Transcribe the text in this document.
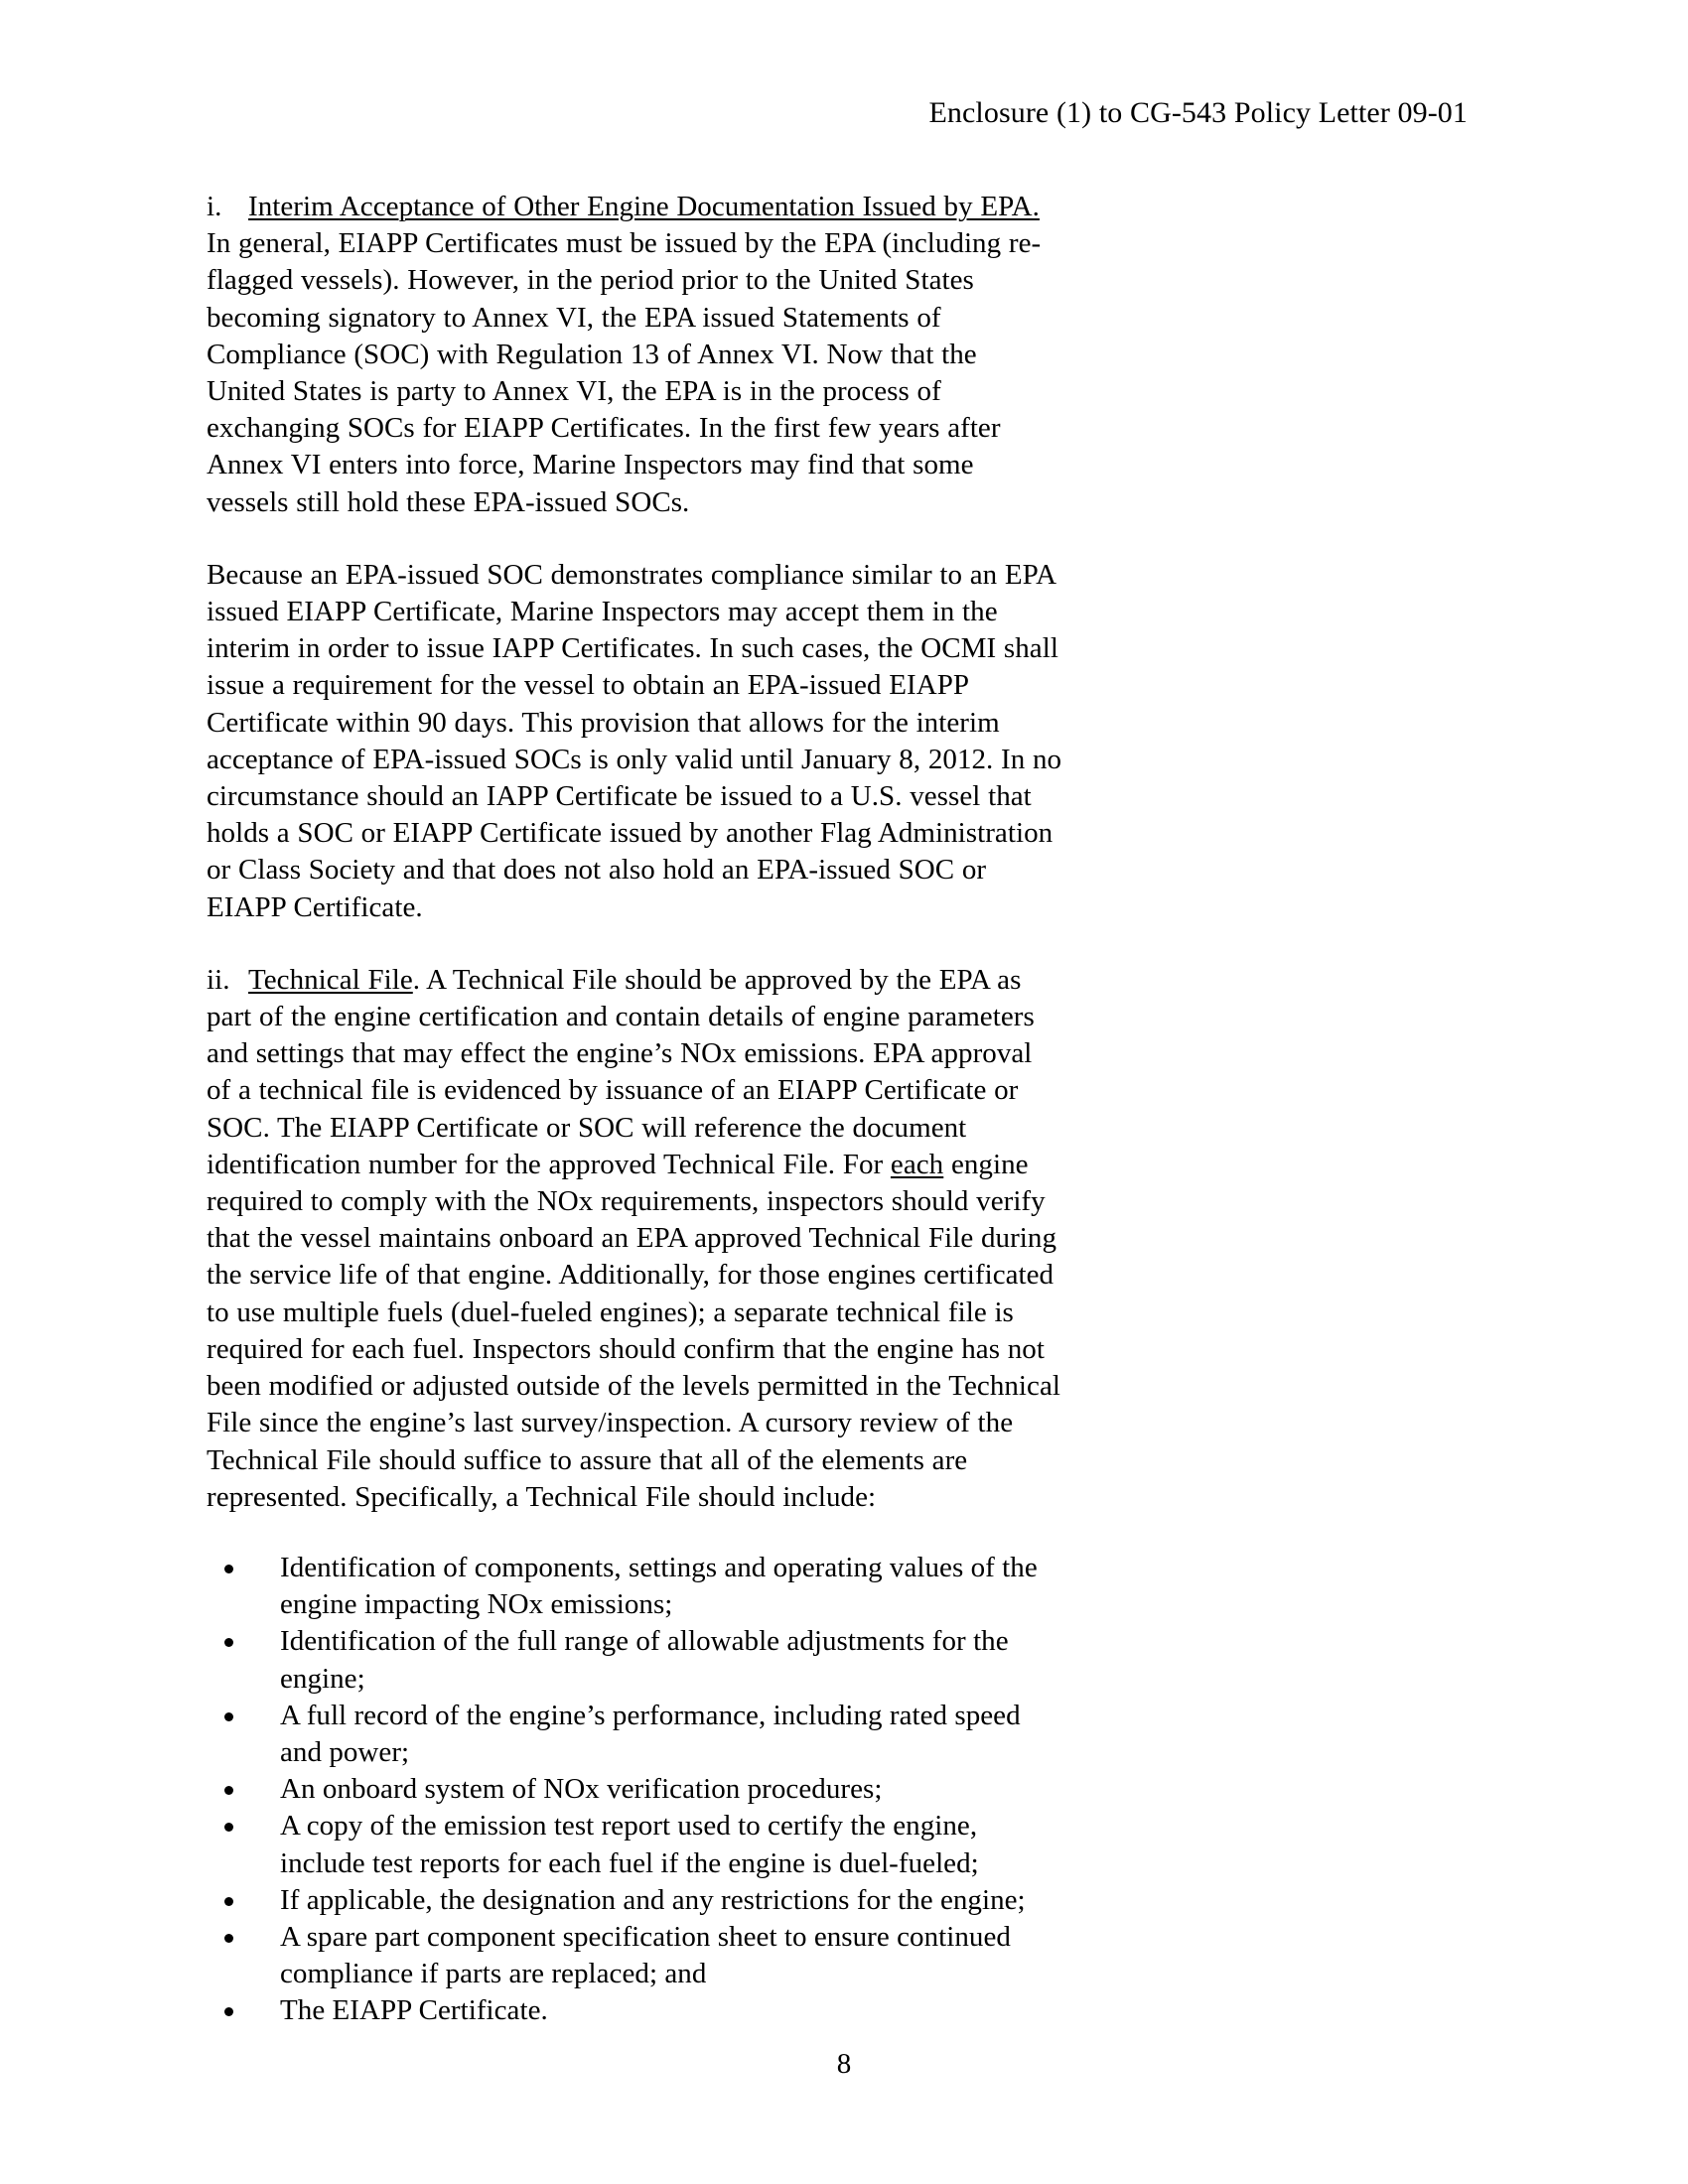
Enclosure (1) to CG-543 Policy Letter 09-01

i. Interim Acceptance of Other Engine Documentation Issued by EPA. In general, EIAPP Certificates must be issued by the EPA (including re-flagged vessels). However, in the period prior to the United States becoming signatory to Annex VI, the EPA issued Statements of Compliance (SOC) with Regulation 13 of Annex VI. Now that the United States is party to Annex VI, the EPA is in the process of exchanging SOCs for EIAPP Certificates. In the first few years after Annex VI enters into force, Marine Inspectors may find that some vessels still hold these EPA-issued SOCs.

Because an EPA-issued SOC demonstrates compliance similar to an EPA issued EIAPP Certificate, Marine Inspectors may accept them in the interim in order to issue IAPP Certificates. In such cases, the OCMI shall issue a requirement for the vessel to obtain an EPA-issued EIAPP Certificate within 90 days. This provision that allows for the interim acceptance of EPA-issued SOCs is only valid until January 8, 2012. In no circumstance should an IAPP Certificate be issued to a U.S. vessel that holds a SOC or EIAPP Certificate issued by another Flag Administration or Class Society and that does not also hold an EPA-issued SOC or EIAPP Certificate.

ii. Technical File. A Technical File should be approved by the EPA as part of the engine certification and contain details of engine parameters and settings that may effect the engine’s NOx emissions. EPA approval of a technical file is evidenced by issuance of an EIAPP Certificate or SOC. The EIAPP Certificate or SOC will reference the document identification number for the approved Technical File. For each engine required to comply with the NOx requirements, inspectors should verify that the vessel maintains onboard an EPA approved Technical File during the service life of that engine. Additionally, for those engines certificated to use multiple fuels (duel-fueled engines); a separate technical file is required for each fuel. Inspectors should confirm that the engine has not been modified or adjusted outside of the levels permitted in the Technical File since the engine’s last survey/inspection. A cursory review of the Technical File should suffice to assure that all of the elements are represented. Specifically, a Technical File should include:

Identification of components, settings and operating values of the engine impacting NOx emissions;
Identification of the full range of allowable adjustments for the engine;
A full record of the engine’s performance, including rated speed and power;
An onboard system of NOx verification procedures;
A copy of the emission test report used to certify the engine, include test reports for each fuel if the engine is duel-fueled;
If applicable, the designation and any restrictions for the engine;
A spare part component specification sheet to ensure continued compliance if parts are replaced; and
The EIAPP Certificate.
8
